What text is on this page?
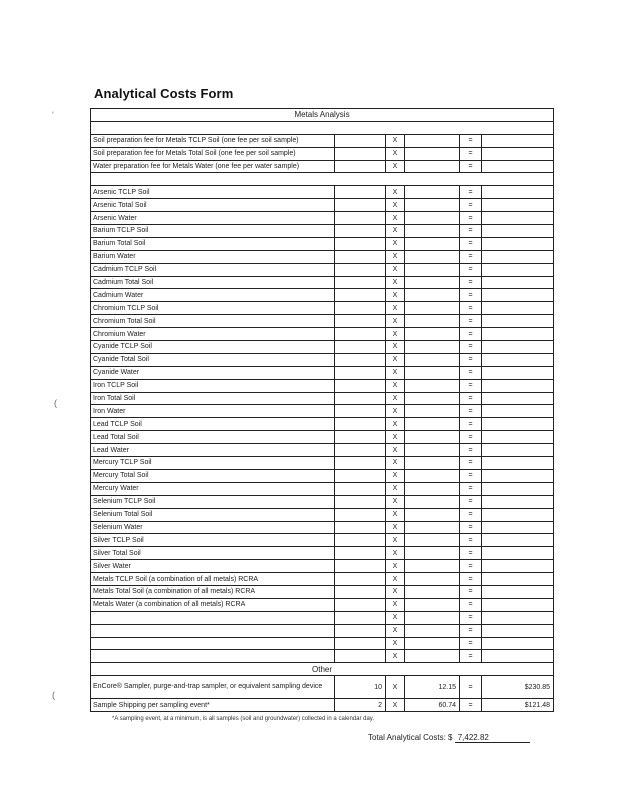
Analytical Costs Form
‘
(
(
Metals Analysis					

Soil preparation fee for Metals TCLP Soil (one fee per soil sample)		X		=	
Soil preparation fee for Metals Total Soil (one fee per soil sample)		X		=	
Water preparation fee for Metals Water (one fee per water sample)		X		=	

Arsenic TCLP Soil		X		=	
Arsenic Total Soil		X		=	
Arsenic Water		X		=	
Barium TCLP Soil		X		=	
Barium Total Soil		X		=	
Barium Water		X		=	
Cadmium TCLP Soil		X		=	
Cadmium Total Soil		X		=	
Cadmium Water		X		=	
Chromium TCLP Soil		X		=	
Chromium Total Soil		X		=	
Chromium Water		X		=	
Cyanide TCLP Soil		X		=	
Cyanide Total Soil		X		=	
Cyanide Water		X		=	
Iron TCLP Soil		X		=	
Iron Total Soil		X		=	
Iron Water		X		=	
Lead TCLP Soil		X		=	
Lead Total Soil		X		=	
Lead Water		X		=	
Mercury TCLP Soil		X		=	
Mercury Total Soil		X		=	
Mercury Water		X		=	
Selenium TCLP Soil		X		=	
Selenium Total Soil		X		=	
Selenium Water		X		=	
Silver TCLP Soil		X		=	
Silver Total Soil		X		=	
Silver Water		X		=	
Metals TCLP Soil (a combination of all metals) RCRA		X		=	
Metals Total Soil (a combination of all metals) RCRA		X		=	
Metals Water (a combination of all metals) RCRA		X		=	
		X		=	
		X		=	
		X		=	
		X		=	
Other					
EnCore® Sampler, purge-and-trap sampler, or equivalent sampling device	10	X	12.15	=	$230.85
Sample Shipping per sampling event*	2	X	60.74	=	$121.48
*A sampling event, at a minimum, is all samples (soil and groundwater) collected in a calendar day.
Total Analytical Costs: $ 7,422.82
